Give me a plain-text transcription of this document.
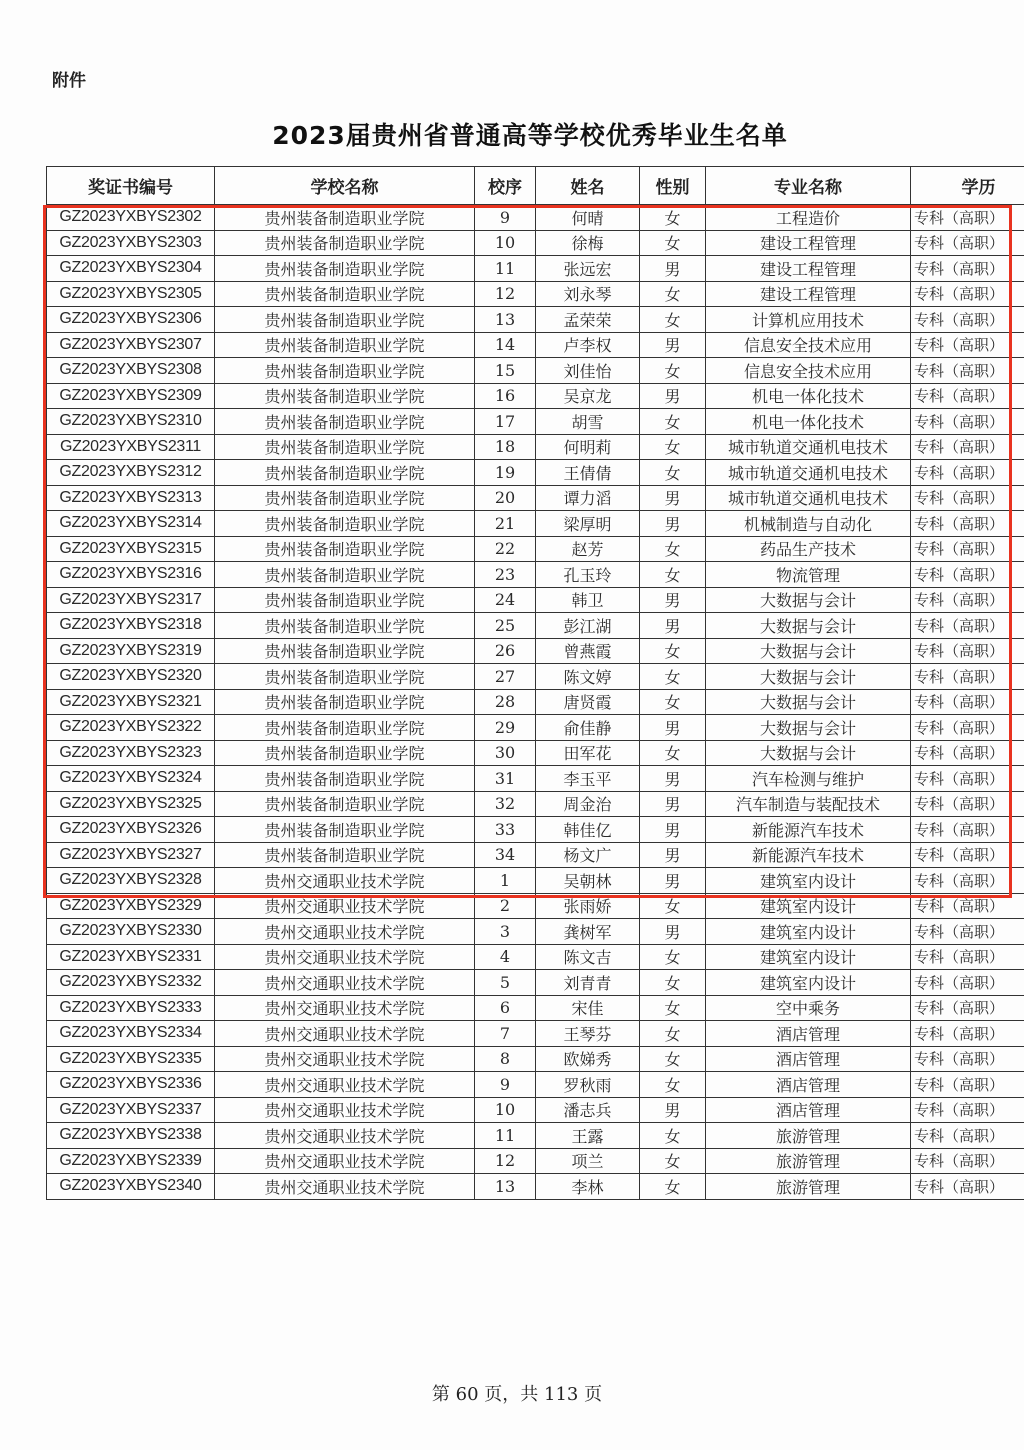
附件
2023届贵州省普通高等学校优秀毕业生名单
奖证书编号	学校名称	校序	姓名	性别	专业名称	学历
GZ2023YXBYS2302	贵州装备制造职业学院	9	何晴	女	工程造价	专科（高职）
GZ2023YXBYS2303	贵州装备制造职业学院	10	徐梅	女	建设工程管理	专科（高职）
GZ2023YXBYS2304	贵州装备制造职业学院	11	张远宏	男	建设工程管理	专科（高职）
GZ2023YXBYS2305	贵州装备制造职业学院	12	刘永琴	女	建设工程管理	专科（高职）
GZ2023YXBYS2306	贵州装备制造职业学院	13	孟荣荣	女	计算机应用技术	专科（高职）
GZ2023YXBYS2307	贵州装备制造职业学院	14	卢李权	男	信息安全技术应用	专科（高职）
GZ2023YXBYS2308	贵州装备制造职业学院	15	刘佳怡	女	信息安全技术应用	专科（高职）
GZ2023YXBYS2309	贵州装备制造职业学院	16	吴京龙	男	机电一体化技术	专科（高职）
GZ2023YXBYS2310	贵州装备制造职业学院	17	胡雪	女	机电一体化技术	专科（高职）
GZ2023YXBYS2311	贵州装备制造职业学院	18	何明莉	女	城市轨道交通机电技术	专科（高职）
GZ2023YXBYS2312	贵州装备制造职业学院	19	王倩倩	女	城市轨道交通机电技术	专科（高职）
GZ2023YXBYS2313	贵州装备制造职业学院	20	谭力滔	男	城市轨道交通机电技术	专科（高职）
GZ2023YXBYS2314	贵州装备制造职业学院	21	梁厚明	男	机械制造与自动化	专科（高职）
GZ2023YXBYS2315	贵州装备制造职业学院	22	赵芳	女	药品生产技术	专科（高职）
GZ2023YXBYS2316	贵州装备制造职业学院	23	孔玉玲	女	物流管理	专科（高职）
GZ2023YXBYS2317	贵州装备制造职业学院	24	韩卫	男	大数据与会计	专科（高职）
GZ2023YXBYS2318	贵州装备制造职业学院	25	彭江湖	男	大数据与会计	专科（高职）
GZ2023YXBYS2319	贵州装备制造职业学院	26	曾燕霞	女	大数据与会计	专科（高职）
GZ2023YXBYS2320	贵州装备制造职业学院	27	陈文婷	女	大数据与会计	专科（高职）
GZ2023YXBYS2321	贵州装备制造职业学院	28	唐贤霞	女	大数据与会计	专科（高职）
GZ2023YXBYS2322	贵州装备制造职业学院	29	俞佳静	男	大数据与会计	专科（高职）
GZ2023YXBYS2323	贵州装备制造职业学院	30	田军花	女	大数据与会计	专科（高职）
GZ2023YXBYS2324	贵州装备制造职业学院	31	李玉平	男	汽车检测与维护	专科（高职）
GZ2023YXBYS2325	贵州装备制造职业学院	32	周金治	男	汽车制造与装配技术	专科（高职）
GZ2023YXBYS2326	贵州装备制造职业学院	33	韩佳亿	男	新能源汽车技术	专科（高职）
GZ2023YXBYS2327	贵州装备制造职业学院	34	杨文广	男	新能源汽车技术	专科（高职）
GZ2023YXBYS2328	贵州交通职业技术学院	1	吴朝林	男	建筑室内设计	专科（高职）
GZ2023YXBYS2329	贵州交通职业技术学院	2	张雨娇	女	建筑室内设计	专科（高职）
GZ2023YXBYS2330	贵州交通职业技术学院	3	龚树军	男	建筑室内设计	专科（高职）
GZ2023YXBYS2331	贵州交通职业技术学院	4	陈文吉	女	建筑室内设计	专科（高职）
GZ2023YXBYS2332	贵州交通职业技术学院	5	刘青青	女	建筑室内设计	专科（高职）
GZ2023YXBYS2333	贵州交通职业技术学院	6	宋佳	女	空中乘务	专科（高职）
GZ2023YXBYS2334	贵州交通职业技术学院	7	王琴芬	女	酒店管理	专科（高职）
GZ2023YXBYS2335	贵州交通职业技术学院	8	欧娣秀	女	酒店管理	专科（高职）
GZ2023YXBYS2336	贵州交通职业技术学院	9	罗秋雨	女	酒店管理	专科（高职）
GZ2023YXBYS2337	贵州交通职业技术学院	10	潘志兵	男	酒店管理	专科（高职）
GZ2023YXBYS2338	贵州交通职业技术学院	11	王露	女	旅游管理	专科（高职）
GZ2023YXBYS2339	贵州交通职业技术学院	12	项兰	女	旅游管理	专科（高职）
GZ2023YXBYS2340	贵州交通职业技术学院	13	李林	女	旅游管理	专科（高职）
第 60 页，共 113 页
